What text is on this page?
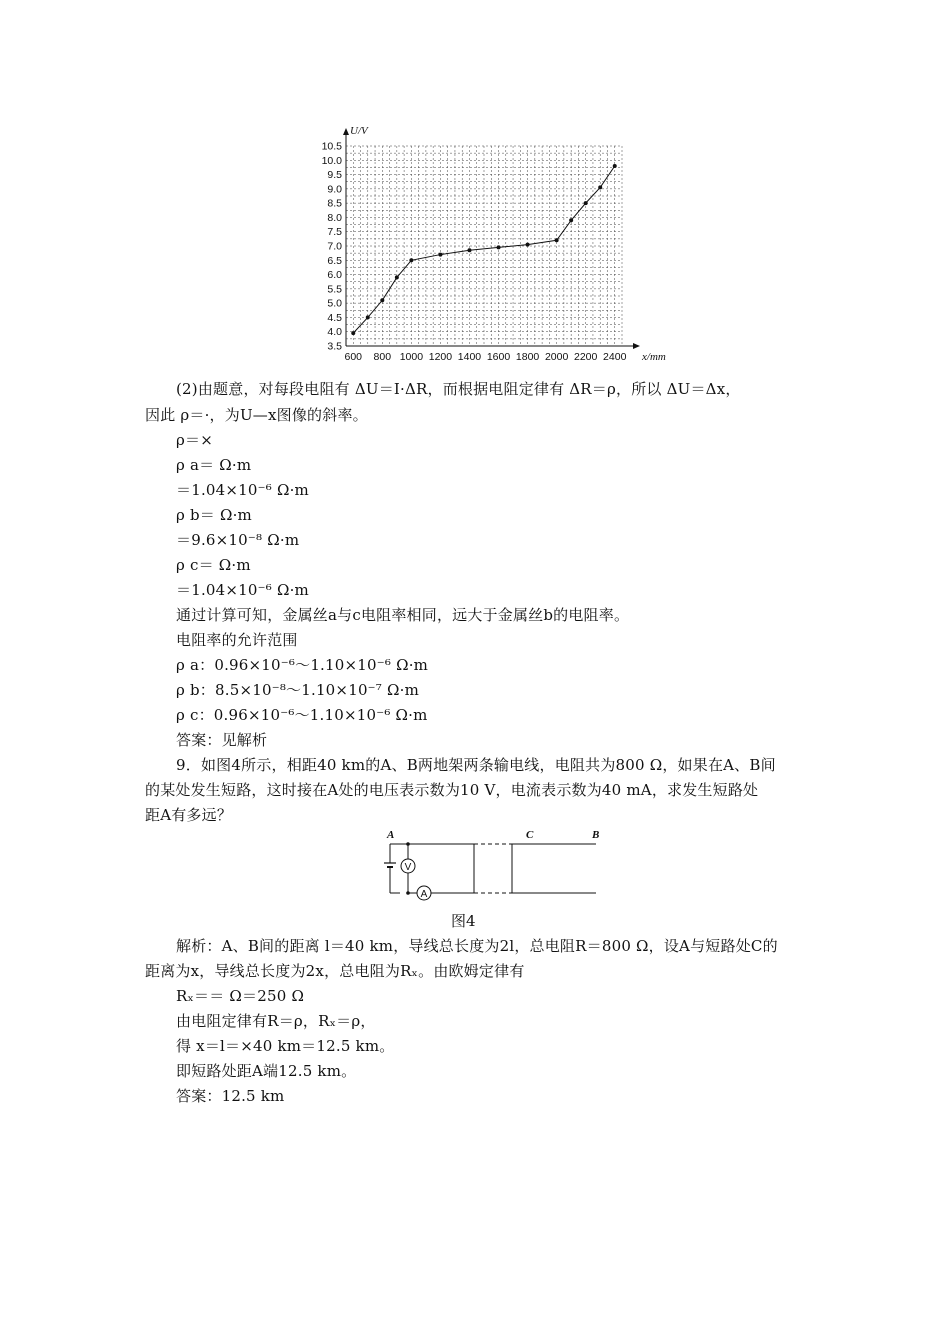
600 800 1000 1200 1400 1600 1800 2000 2200 2400
3.5
4.0
4.5
5.0
5.5
6.0
6.5
7.0
7.5
8.0
8.5
9.0
9.5
10.0
10.5
x/mm
U/V
(2)由题意，对每段电阻有 ΔU＝I·ΔR，而根据电阻定律有 ΔR＝ρ，所以 ΔU＝Δx，
因此 ρ＝·，为U—x图像的斜率。
ρ＝×
ρ a＝ Ω·m
＝1.04×10⁻⁶ Ω·m
ρ b＝ Ω·m
＝9.6×10⁻⁸ Ω·m
ρ c＝ Ω·m
＝1.04×10⁻⁶ Ω·m
通过计算可知，金属丝a与c电阻率相同，远大于金属丝b的电阻率。
电阻率的允许范围
ρ a：0.96×10⁻⁶～1.10×10⁻⁶ Ω·m
ρ b：8.5×10⁻⁸～1.10×10⁻⁷ Ω·m
ρ c：0.96×10⁻⁶～1.10×10⁻⁶ Ω·m
答案：见解析
9．如图4所示，相距40 km的A、B两地架两条输电线，电阻共为800 Ω，如果在A、B间
的某处发生短路，这时接在A处的电压表示数为10 V，电流表示数为40 mA，求发生短路处
距A有多远？
V
A
A	C	B
图4
解析：A、B间的距离 l＝40 km，导线总长度为2l，总电阻R＝800 Ω，设A与短路处C的
距离为x，导线总长度为2x，总电阻为Rₓ。由欧姆定律有
Rₓ＝＝ Ω＝250 Ω
由电阻定律有R＝ρ，Rₓ＝ρ，
得 x＝l＝×40 km＝12.5 km。
即短路处距A端12.5 km。
答案：12.5 km
